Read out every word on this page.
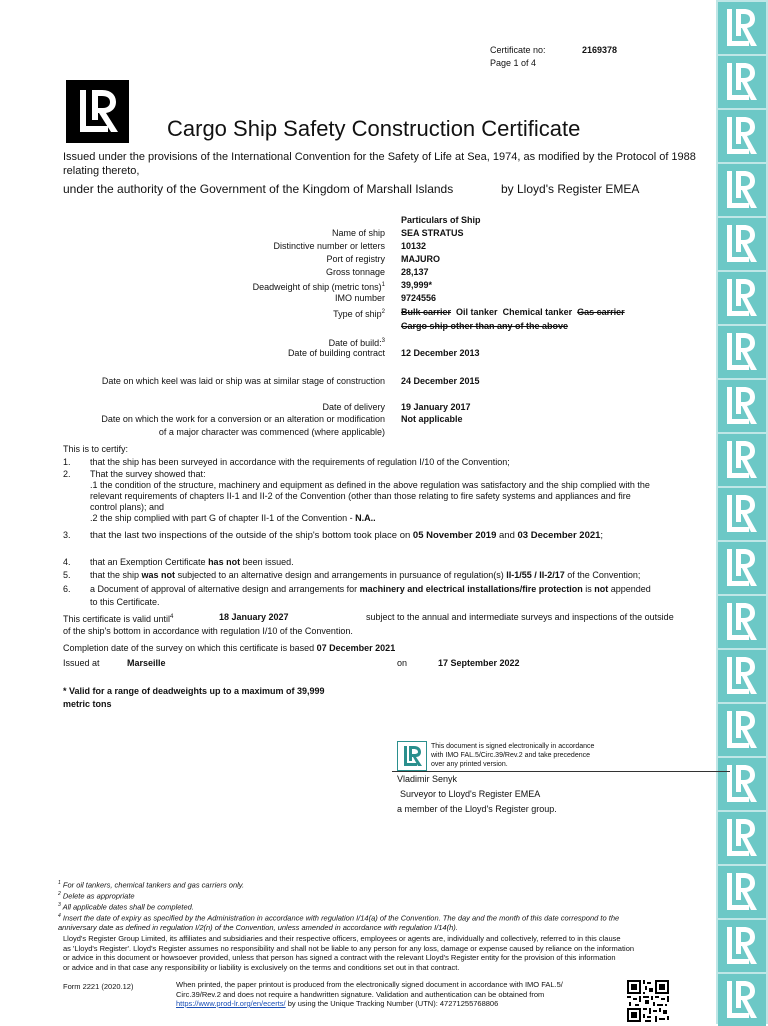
Certificate no:	2169378
Page 1 of 4
Cargo Ship Safety Construction Certificate
Issued under the provisions of the International Convention for the Safety of Life at Sea, 1974, as modified by the Protocol of 1988 relating thereto,
under the authority of the Government of the Kingdom of Marshall Islands	by Lloyd's Register EMEA
Particulars of Ship
Name of ship SEA STRATUS
Distinctive number or letters 10132
Port of registry MAJURO
Gross tonnage 28,137
Deadweight of ship (metric tons)$^1$ 39,999*
IMO number 9724556
Type of ship$^2$ Bulk carrier Oil tanker Chemical tanker Gas carrier
Cargo ship other than any of the above
Date of build:$^3$
Date of building contract 12 December 2013
Date on which keel was laid or ship was at similar stage of construction 24 December 2015
Date of delivery 19 January 2017
Date on which the work for a conversion or an alteration or modification Not applicable
of a major character was commenced (where applicable)
This is to certify:
1. that the ship has been surveyed in accordance with the requirements of regulation I/10 of the Convention;
2. That the survey showed that:
.1 the condition of the structure, machinery and equipment as defined in the above regulation was satisfactory and the ship complied with the
relevant requirements of chapters II-1 and II-2 of the Convention (other than those relating to fire safety systems and appliances and fire
control plans); and
.2 the ship complied with part G of chapter II-1 of the Convention - N.A..
3. that the last two inspections of the outside of the ship's bottom took place on 05 November 2019 and 03 December 2021;
4. that an Exemption Certificate has not been issued.
5. that the ship was not subjected to an alternative design and arrangements in pursuance of regulation(s) II-1/55 / II-2/17 of the Convention;
6. a Document of approval of alternative design and arrangements for machinery and electrical installations/fire protection is not appended
to this Certificate.
This certificate is valid until$^4$	18 January 2027	subject to the annual and intermediate surveys and inspections of the outside
of the ship's bottom in accordance with regulation I/10 of the Convention.
Completion date of the survey on which this certificate is based 07 December 2021
Issued at	Marseille	on	17 September 2022
* Valid for a range of deadweights up to a maximum of 39,999
metric tons
This document is signed electronically in accordance
with IMO FAL.5/Circ.39/Rev.2 and take precedence
over any printed version.
Vladimir Senyk
Surveyor to Lloyd's Register EMEA
a member of the Lloyd's Register group.
$^1$ For oil tankers, chemical tankers and gas carriers only.
$^2$ Delete as appropriate
$^3$ All applicable dates shall be completed.
$^4$ Insert the date of expiry as specified by the Administration in accordance with regulation I/14(a) of the Convention. The day and the month of this date correspond to the
anniversary date as defined in regulation I/2(n) of the Convention, unless amended in accordance with regulation I/14(h).
Lloyd's Register Group Limited, its affiliates and subsidiaries and their respective officers, employees or agents are, individually and collectively, referred to in this clause
as 'Lloyd's Register'. Lloyd's Register assumes no responsibility and shall not be liable to any person for any loss, damage or expense caused by reliance on the information
or advice in this document or howsoever provided, unless that person has signed a contract with the relevant Lloyd's Register entity for the provision of this information
or advice and in that case any responsibility or liability is exclusively on the terms and conditions set out in that contract.
Form 2221 (2020.12)	When printed, the paper printout is produced from the electronically signed document in accordance with IMO FAL.5/
Circ.39/Rev.2 and does not require a handwritten signature. Validation and authentication can be obtained from
https://www.prod-lr.org/en/ecerts/ by using the Unique Tracking Number (UTN): 47271255768806
